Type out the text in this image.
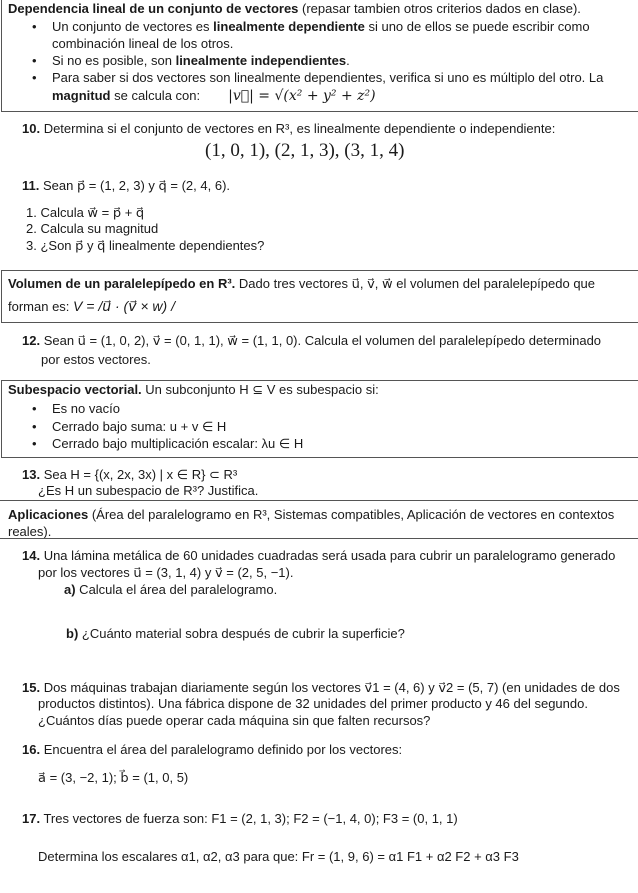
Dependencia lineal de un conjunto de vectores (repasar tambien otros criterios dados en clase).
• Un conjunto de vectores es linealmente dependiente si uno de ellos se puede escribir como
combinación lineal de los otros.
• Si no es posible, son linealmente independientes.
• Para saber si dos vectores son linealmente dependientes, verifica si uno es múltiplo del otro. La
magnitud se calcula con: |v⃗| = √(x² + y² + z²)
10. Determina si el conjunto de vectores en R³, es linealmente dependiente o independiente:
(1, 0, 1), (2, 1, 3), (3, 1, 4)
11. Sean p⃗ = (1, 2, 3) y q⃗ = (2, 4, 6).
1. Calcula w⃗ = p⃗ + q⃗
2. Calcula su magnitud
3. ¿Son p⃗ y q⃗ linealmente dependientes?
Volumen de un paralelepípedo en R³. Dado tres vectores u⃗, v⃗, w⃗ el volumen del paralelepípedo que
forman es: V = /u⃗ · (v⃗ × w) /
12. Sean u⃗ = (1, 0, 2), v⃗ = (0, 1, 1), w⃗ = (1, 1, 0). Calcula el volumen del paralelepípedo determinado
por estos vectores.
Subespacio vectorial. Un subconjunto H ⊆ V es subespacio si:
• Es no vacío
• Cerrado bajo suma: u + v ∈ H
• Cerrado bajo multiplicación escalar: λu ∈ H
13. Sea H = {(x, 2x, 3x) | x ∈ R} ⊂ R³
¿Es H un subespacio de R³? Justifica.
Aplicaciones (Área del paralelogramo en R³, Sistemas compatibles, Aplicación de vectores en contextos
reales).
14. Una lámina metálica de 60 unidades cuadradas será usada para cubrir un paralelogramo generado
por los vectores u⃗ = (3, 1, 4) y v⃗ = (2, 5, −1).
a) Calcula el área del paralelogramo.
b) ¿Cuánto material sobra después de cubrir la superficie?
15. Dos máquinas trabajan diariamente según los vectores v⃗1 = (4, 6) y v⃗2 = (5, 7) (en unidades de dos
productos distintos). Una fábrica dispone de 32 unidades del primer producto y 46 del segundo.
¿Cuántos días puede operar cada máquina sin que falten recursos?
16. Encuentra el área del paralelogramo definido por los vectores:
a⃗ = (3, −2, 1); b⃗ = (1, 0, 5)
17. Tres vectores de fuerza son: F1 = (2, 1, 3); F2 = (−1, 4, 0); F3 = (0, 1, 1)
Determina los escalares α1, α2, α3 para que: Fr = (1, 9, 6) = α1 F1 + α2 F2 + α3 F3
